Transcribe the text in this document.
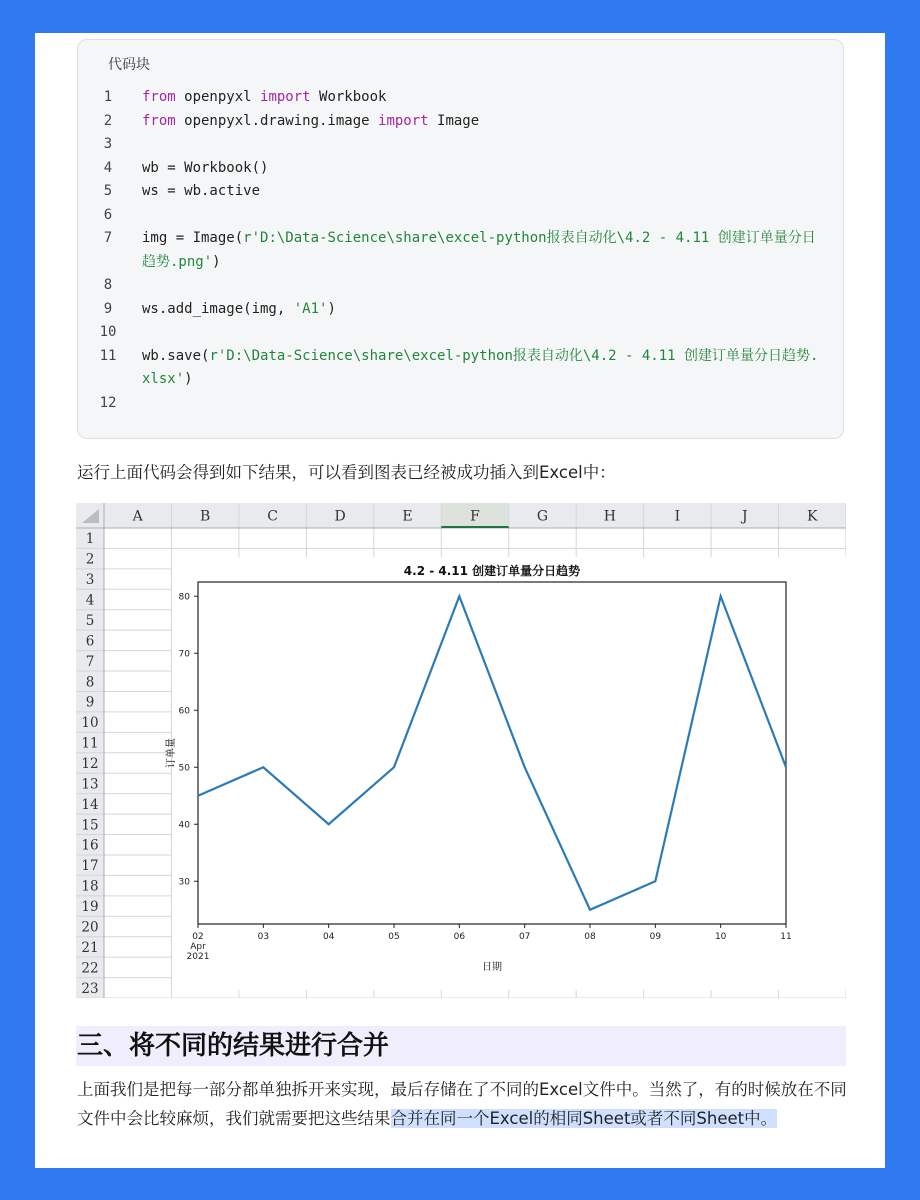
代码块
1	from openpyxl import Workbook
2	from openpyxl.drawing.image import Image
3

4	wb = Workbook()
5	ws = wb.active
6

7	img = Image(r'D:\Data-Science\share\excel-python报表自动化\4.2 - 4.11 创建订单量分日趋势.png')
8

9	ws.add_image(img, 'A1')
10

11	wb.save(r'D:\Data-Science\share\excel-python报表自动化\4.2 - 4.11 创建订单量分日趋势.xlsx')
12

运行上面代码会得到如下结果，可以看到图表已经被成功插入到Excel中：
A	B	C	D	E	F	G	H	I	J	K
1
2
3
4
5
6
7
8
9
10
11
12
13
14
15
16
17
18
19
20
21
22
23
4.2 - 4.11 创建订单量分日趋势
30
40
50
60
70
80
02	03	04	05	06	07	08	09	10	11
Apr
2021
日期
订单量
三、将不同的结果进行合并
上面我们是把每一部分都单独拆开来实现，最后存储在了不同的Excel文件中。当然了，有的时候放在不同文件中会比较麻烦，我们就需要把这些结果合并在同一个Excel的相同Sheet或者不同Sheet中。
